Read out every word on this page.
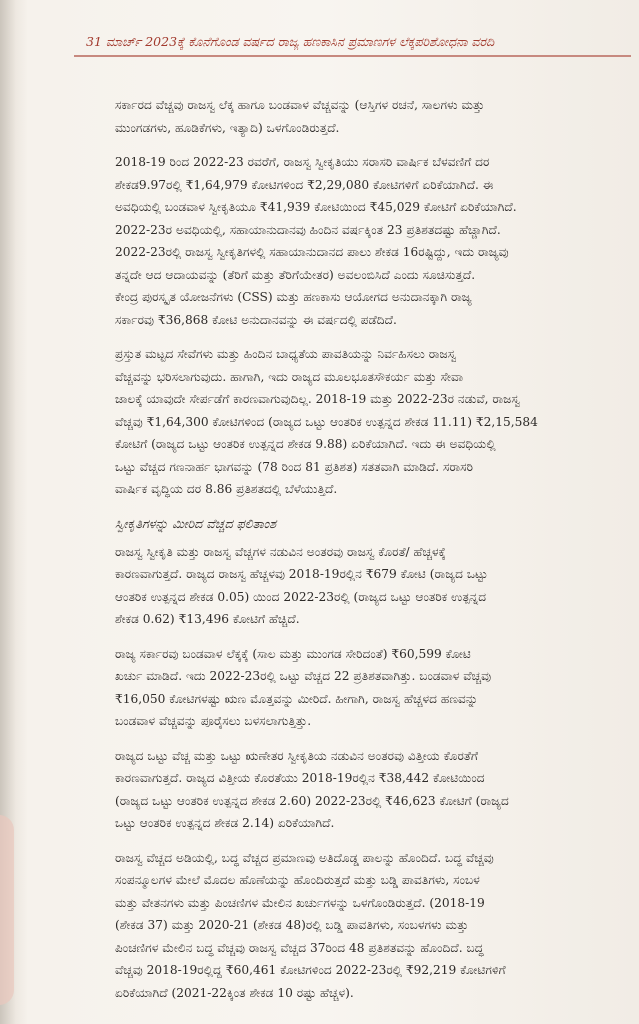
31 ಮಾರ್ಚ್ 2023ಕ್ಕೆ ಕೊನೆಗೊಂಡ ವರ್ಷದ ರಾಜ್ಯ ಹಣಕಾಸಿನ ಪ್ರಮಾಣಗಳ ಲೆಕ್ಕಪರಿಶೋಧನಾ ವರದಿ
ಸರ್ಕಾರದ ವೆಚ್ಚವು ರಾಜಸ್ವ ಲೆಕ್ಕ ಹಾಗೂ ಬಂಡವಾಳ ವೆಚ್ಚವನ್ನು (ಆಸ್ತಿಗಳ ರಚನೆ, ಸಾಲಗಳು ಮತ್ತು
ಮುಂಗಡಗಳು, ಹೂಡಿಕೆಗಳು, ಇತ್ಯಾದಿ) ಒಳಗೊಂಡಿರುತ್ತದೆ.
2018-19 ರಿಂದ 2022-23 ರವರೆಗೆ, ರಾಜಸ್ವ ಸ್ವೀಕೃತಿಯು ಸರಾಸರಿ ವಾರ್ಷಿಕ ಬೆಳವಣಿಗೆ ದರ
ಶೇಕಡ9.97ರಲ್ಲಿ ₹1,64,979 ಕೋಟಿಗಳಿಂದ ₹2,29,080 ಕೋಟಿಗಳಿಗೆ ಏರಿಕೆಯಾಗಿದೆ. ಈ
ಅವಧಿಯಲ್ಲಿ ಬಂಡವಾಳ ಸ್ವೀಕೃತಿಯೂ ₹41,939 ಕೋಟಿಯಿಂದ ₹45,029 ಕೋಟಿಗೆ ಏರಿಕೆಯಾಗಿದೆ.
2022-23ರ ಅವಧಿಯಲ್ಲಿ, ಸಹಾಯಾನುದಾನವು ಹಿಂದಿನ ವರ್ಷಕ್ಕಿಂತ 23 ಪ್ರತಿಶತದಷ್ಟು ಹೆಚ್ಚಾಗಿದೆ.
2022-23ರಲ್ಲಿ ರಾಜಸ್ವ ಸ್ವೀಕೃತಿಗಳಲ್ಲಿ ಸಹಾಯಾನುದಾನದ ಪಾಲು ಶೇಕಡ 16ರಷ್ಟಿದ್ದು, ಇದು ರಾಜ್ಯವು
ತನ್ನದೇ ಆದ ಆದಾಯವನ್ನು (ತೆರಿಗೆ ಮತ್ತು ತೆರಿಗೆಯೇತರ) ಅವಲಂಬಿಸಿದೆ ಎಂದು ಸೂಚಿಸುತ್ತದೆ.
ಕೇಂದ್ರ ಪುರಸ್ಕೃತ ಯೋಜನೆಗಳು (CSS) ಮತ್ತು ಹಣಕಾಸು ಆಯೋಗದ ಅನುದಾನಕ್ಕಾಗಿ ರಾಜ್ಯ
ಸರ್ಕಾರವು ₹36,868 ಕೋಟಿ ಅನುದಾನವನ್ನು ಈ ವರ್ಷದಲ್ಲಿ ಪಡೆದಿದೆ.
ಪ್ರಸ್ತುತ ಮಟ್ಟದ ಸೇವೆಗಳು ಮತ್ತು ಹಿಂದಿನ ಬಾಧ್ಯತೆಯ ಪಾವತಿಯನ್ನು ನಿರ್ವಹಿಸಲು ರಾಜಸ್ವ
ವೆಚ್ಚವನ್ನು ಭರಿಸಲಾಗುವುದು. ಹಾಗಾಗಿ, ಇದು ರಾಜ್ಯದ ಮೂಲಭೂತಸೌಕರ್ಯ ಮತ್ತು ಸೇವಾ
ಜಾಲಕ್ಕೆ ಯಾವುದೇ ಸೇರ್ಪಡೆಗೆ ಕಾರಣವಾಗುವುದಿಲ್ಲ. 2018-19 ಮತ್ತು 2022-23ರ ನಡುವೆ, ರಾಜಸ್ವ
ವೆಚ್ಚವು ₹1,64,300 ಕೋಟಿಗಳಿಂದ (ರಾಜ್ಯದ ಒಟ್ಟು ಆಂತರಿಕ ಉತ್ಪನ್ನದ ಶೇಕಡ 11.11) ₹2,15,584
ಕೋಟಿಗೆ (ರಾಜ್ಯದ ಒಟ್ಟು ಆಂತರಿಕ ಉತ್ಪನ್ನದ ಶೇಕಡ 9.88) ಏರಿಕೆಯಾಗಿದೆ. ಇದು ಈ ಅವಧಿಯಲ್ಲಿ
ಒಟ್ಟು ವೆಚ್ಚದ ಗಣನಾರ್ಹ ಭಾಗವನ್ನು (78 ರಿಂದ 81 ಪ್ರತಿಶತ) ಸತತವಾಗಿ ಮಾಡಿದೆ. ಸರಾಸರಿ
ವಾರ್ಷಿಕ ವೃದ್ಧಿಯ ದರ 8.86 ಪ್ರತಿಶತದಲ್ಲಿ ಬೆಳೆಯುತ್ತಿದೆ.
ಸ್ವೀಕೃತಿಗಳನ್ನು ಮೀರಿದ ವೆಚ್ಚದ ಫಲಿತಾಂಶ
ರಾಜಸ್ವ ಸ್ವೀಕೃತಿ ಮತ್ತು ರಾಜಸ್ವ ವೆಚ್ಚಗಳ ನಡುವಿನ ಅಂತರವು ರಾಜಸ್ವ ಕೊರತೆ/ ಹೆಚ್ಚಳಕ್ಕೆ
ಕಾರಣವಾಗುತ್ತದೆ. ರಾಜ್ಯದ ರಾಜಸ್ವ ಹೆಚ್ಚಳವು 2018-19ರಲ್ಲಿನ ₹679 ಕೋಟಿ (ರಾಜ್ಯದ ಒಟ್ಟು
ಆಂತರಿಕ ಉತ್ಪನ್ನದ ಶೇಕಡ 0.05) ಯಿಂದ 2022-23ರಲ್ಲಿ (ರಾಜ್ಯದ ಒಟ್ಟು ಆಂತರಿಕ ಉತ್ಪನ್ನದ
ಶೇಕಡ 0.62) ₹13,496 ಕೋಟಿಗೆ ಹೆಚ್ಚಿದೆ.
ರಾಜ್ಯ ಸರ್ಕಾರವು ಬಂಡವಾಳ ಲೆಕ್ಕಕ್ಕೆ (ಸಾಲ ಮತ್ತು ಮುಂಗಡ ಸೇರಿದಂತೆ) ₹60,599 ಕೋಟಿ
ಖರ್ಚು ಮಾಡಿದೆ. ಇದು 2022-23ರಲ್ಲಿ ಒಟ್ಟು ವೆಚ್ಚದ 22 ಪ್ರತಿಶತವಾಗಿತ್ತು. ಬಂಡವಾಳ ವೆಚ್ಚವು
₹16,050 ಕೋಟಿಗಳಷ್ಟು ಋಣ ಮೊತ್ತವನ್ನು ಮೀರಿದೆ. ಹೀಗಾಗಿ, ರಾಜಸ್ವ ಹೆಚ್ಚಳದ ಹಣವನ್ನು
ಬಂಡವಾಳ ವೆಚ್ಚವನ್ನು ಪೂರೈಸಲು ಬಳಸಲಾಗುತ್ತಿತ್ತು.
ರಾಜ್ಯದ ಒಟ್ಟು ವೆಚ್ಚ ಮತ್ತು ಒಟ್ಟು ಋಣೇತರ ಸ್ವೀಕೃತಿಯ ನಡುವಿನ ಅಂತರವು ವಿತ್ತೀಯ ಕೊರತೆಗೆ
ಕಾರಣವಾಗುತ್ತದೆ. ರಾಜ್ಯದ ವಿತ್ತೀಯ ಕೊರತೆಯು 2018-19ರಲ್ಲಿನ ₹38,442 ಕೋಟಿಯಿಂದ
(ರಾಜ್ಯದ ಒಟ್ಟು ಆಂತರಿಕ ಉತ್ಪನ್ನದ ಶೇಕಡ 2.60) 2022-23ರಲ್ಲಿ ₹46,623 ಕೋಟಿಗೆ (ರಾಜ್ಯದ
ಒಟ್ಟು ಆಂತರಿಕ ಉತ್ಪನ್ನದ ಶೇಕಡ 2.14) ಏರಿಕೆಯಾಗಿದೆ.
ರಾಜಸ್ವ ವೆಚ್ಚದ ಅಡಿಯಲ್ಲಿ, ಬದ್ಧ ವೆಚ್ಚದ ಪ್ರಮಾಣವು ಅತಿದೊಡ್ಡ ಪಾಲನ್ನು ಹೊಂದಿದೆ. ಬದ್ಧ ವೆಚ್ಚವು
ಸಂಪನ್ಮೂಲಗಳ ಮೇಲೆ ಮೊದಲ ಹೊಣೆಯನ್ನು ಹೊಂದಿರುತ್ತದೆ ಮತ್ತು ಬಡ್ಡಿ ಪಾವತಿಗಳು, ಸಂಬಳ
ಮತ್ತು ವೇತನಗಳು ಮತ್ತು ಪಿಂಚಣಿಗಳ ಮೇಲಿನ ಖರ್ಚುಗಳನ್ನು ಒಳಗೊಂಡಿರುತ್ತದೆ. (2018-19
(ಶೇಕಡ 37) ಮತ್ತು 2020-21 (ಶೇಕಡ 48)ರಲ್ಲಿ ಬಡ್ಡಿ ಪಾವತಿಗಳು, ಸಂಬಳಗಳು ಮತ್ತು
ಪಿಂಚಣಿಗಳ ಮೇಲಿನ ಬದ್ಧ ವೆಚ್ಚವು ರಾಜಸ್ವ ವೆಚ್ಚದ 37ರಿಂದ 48 ಪ್ರತಿಶತವನ್ನು ಹೊಂದಿದೆ. ಬದ್ಧ
ವೆಚ್ಚವು 2018-19ರಲ್ಲಿದ್ದ ₹60,461 ಕೋಟಿಗಳಿಂದ 2022-23ರಲ್ಲಿ ₹92,219 ಕೋಟಿಗಳಿಗೆ
ಏರಿಕೆಯಾಗಿದೆ (2021-22ಕ್ಕಿಂತ ಶೇಕಡ 10 ರಷ್ಟು ಹೆಚ್ಚಳ).
